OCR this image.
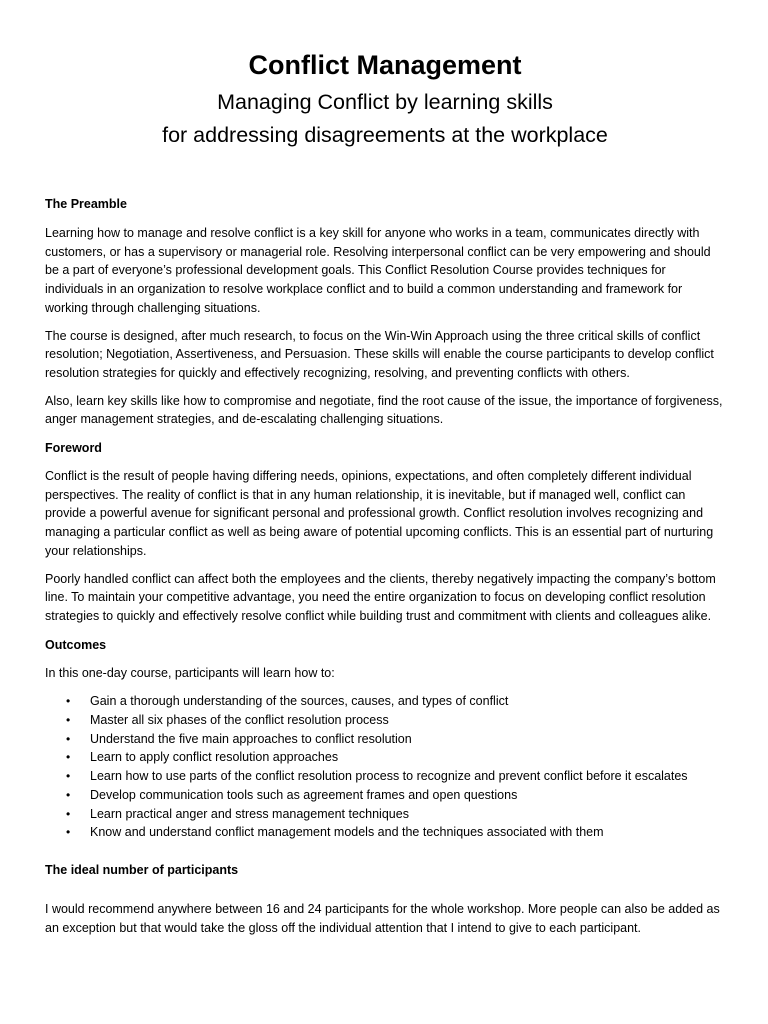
Conflict Management

Managing Conflict by learning skills

for addressing disagreements at the workplace

The Preamble

Learning how to manage and resolve conflict is a key skill for anyone who works in a team, communicates directly with customers, or has a supervisory or managerial role. Resolving interpersonal conflict can be very empowering and should be a part of everyone’s professional development goals. This Conflict Resolution Course provides techniques for individuals in an organization to resolve workplace conflict and to build a common understanding and framework for working through challenging situations.

The course is designed, after much research, to focus on the Win-Win Approach using the three critical skills of conflict resolution; Negotiation, Assertiveness, and Persuasion. These skills will enable the course participants to develop conflict resolution strategies for quickly and effectively recognizing, resolving, and preventing conflicts with others.

Also, learn key skills like how to compromise and negotiate, find the root cause of the issue, the importance of forgiveness, anger management strategies, and de-escalating challenging situations.

Foreword

Conflict is the result of people having differing needs, opinions, expectations, and often completely different individual perspectives. The reality of conflict is that in any human relationship, it is inevitable, but if managed well, conflict can provide a powerful avenue for significant personal and professional growth. Conflict resolution involves recognizing and managing a particular conflict as well as being aware of potential upcoming conflicts. This is an essential part of nurturing your relationships.

Poorly handled conflict can affect both the employees and the clients, thereby negatively impacting the company’s bottom line. To maintain your competitive advantage, you need the entire organization to focus on developing conflict resolution strategies to quickly and effectively resolve conflict while building trust and commitment with clients and colleagues alike.

Outcomes

In this one-day course, participants will learn how to:

• Gain a thorough understanding of the sources, causes, and types of conflict
• Master all six phases of the conflict resolution process
• Understand the five main approaches to conflict resolution
• Learn to apply conflict resolution approaches
• Learn how to use parts of the conflict resolution process to recognize and prevent conflict before it escalates
• Develop communication tools such as agreement frames and open questions
• Learn practical anger and stress management techniques
• Know and understand conflict management models and the techniques associated with them

The ideal number of participants

I would recommend anywhere between 16 and 24 participants for the whole workshop. More people can also be added as an exception but that would take the gloss off the individual attention that I intend to give to each participant.
